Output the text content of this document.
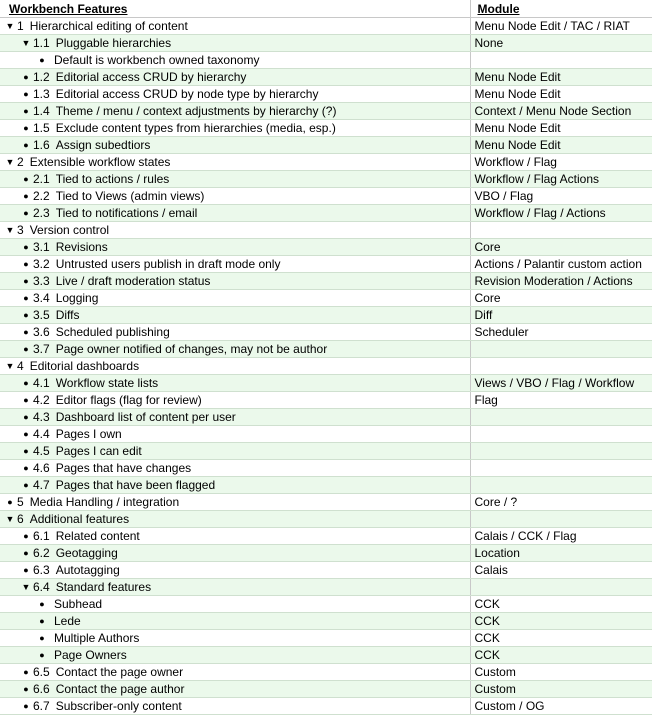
Workbench Features	Module

▼ 1 Hierarchical editing of content	Menu Node Edit / TAC / RIAT

▼ 1.1 Pluggable hierarchies	None

● Default is workbench owned taxonomy	

● 1.2 Editorial access CRUD by hierarchy	Menu Node Edit

● 1.3 Editorial access CRUD by node type by hierarchy	Menu Node Edit

● 1.4 Theme / menu / context adjustments by hierarchy (?)	Context / Menu Node Section

● 1.5 Exclude content types from hierarchies (media, esp.)	Menu Node Edit

● 1.6 Assign subedtiors	Menu Node Edit

▼ 2 Extensible workflow states	Workflow / Flag

● 2.1 Tied to actions / rules	Workflow / Flag Actions

● 2.2 Tied to Views (admin views)	VBO / Flag

● 2.3 Tied to notifications / email	Workflow / Flag / Actions

▼ 3 Version control	

● 3.1 Revisions	Core

● 3.2 Untrusted users publish in draft mode only	Actions / Palantir custom action

● 3.3 Live / draft moderation status	Revision Moderation / Actions

● 3.4 Logging	Core

● 3.5 Diffs	Diff

● 3.6 Scheduled publishing	Scheduler

● 3.7 Page owner notified of changes, may not be author	

▼ 4 Editorial dashboards	

● 4.1 Workflow state lists	Views / VBO / Flag / Workflow

● 4.2 Editor flags (flag for review)	Flag

● 4.3 Dashboard list of content per user	

● 4.4 Pages I own	

● 4.5 Pages I can edit	

● 4.6 Pages that have changes	

● 4.7 Pages that have been flagged	

● 5 Media Handling / integration	Core / ?

▼ 6 Additional features	

● 6.1 Related content	Calais / CCK / Flag

● 6.2 Geotagging	Location

● 6.3 Autotagging	Calais

▼ 6.4 Standard features	

● Subhead	CCK

● Lede	CCK

● Multiple Authors	CCK

● Page Owners	CCK

● 6.5 Contact the page owner	Custom

● 6.6 Contact the page author	Custom

● 6.7 Subscriber-only content	Custom / OG
